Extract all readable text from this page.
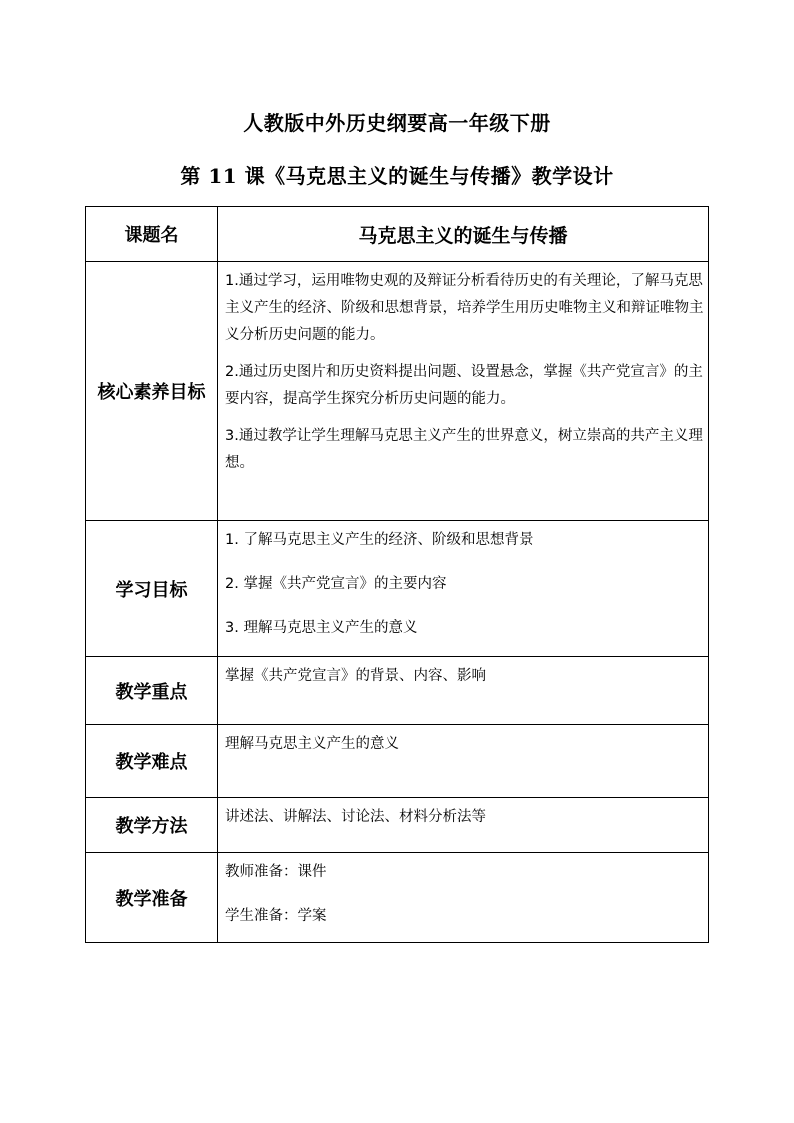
人教版中外历史纲要高一年级下册
第 11 课《马克思主义的诞生与传播》教学设计
课题名	马克思主义的诞生与传播
核心素养目标	1.通过学习，运用唯物史观的及辩证分析看待历史的有关理论，了解马克思主义产生的经济、阶级和思想背景，培养学生用历史唯物主义和辩证唯物主义分析历史问题的能力。

2.通过历史图片和历史资料提出问题、设置悬念，掌握《共产党宣言》的主要内容，提高学生探究分析历史问题的能力。

3.通过教学让学生理解马克思主义产生的世界意义，树立崇高的共产主义理想。

学习目标	1. 了解马克思主义产生的经济、阶级和思想背景

2. 掌握《共产党宣言》的主要内容

3. 理解马克思主义产生的意义

教学重点	掌握《共产党宣言》的背景、内容、影响
教学难点	理解马克思主义产生的意义
教学方法	讲述法、讲解法、讨论法、材料分析法等
教学准备	教师准备：课件

学生准备：学案
